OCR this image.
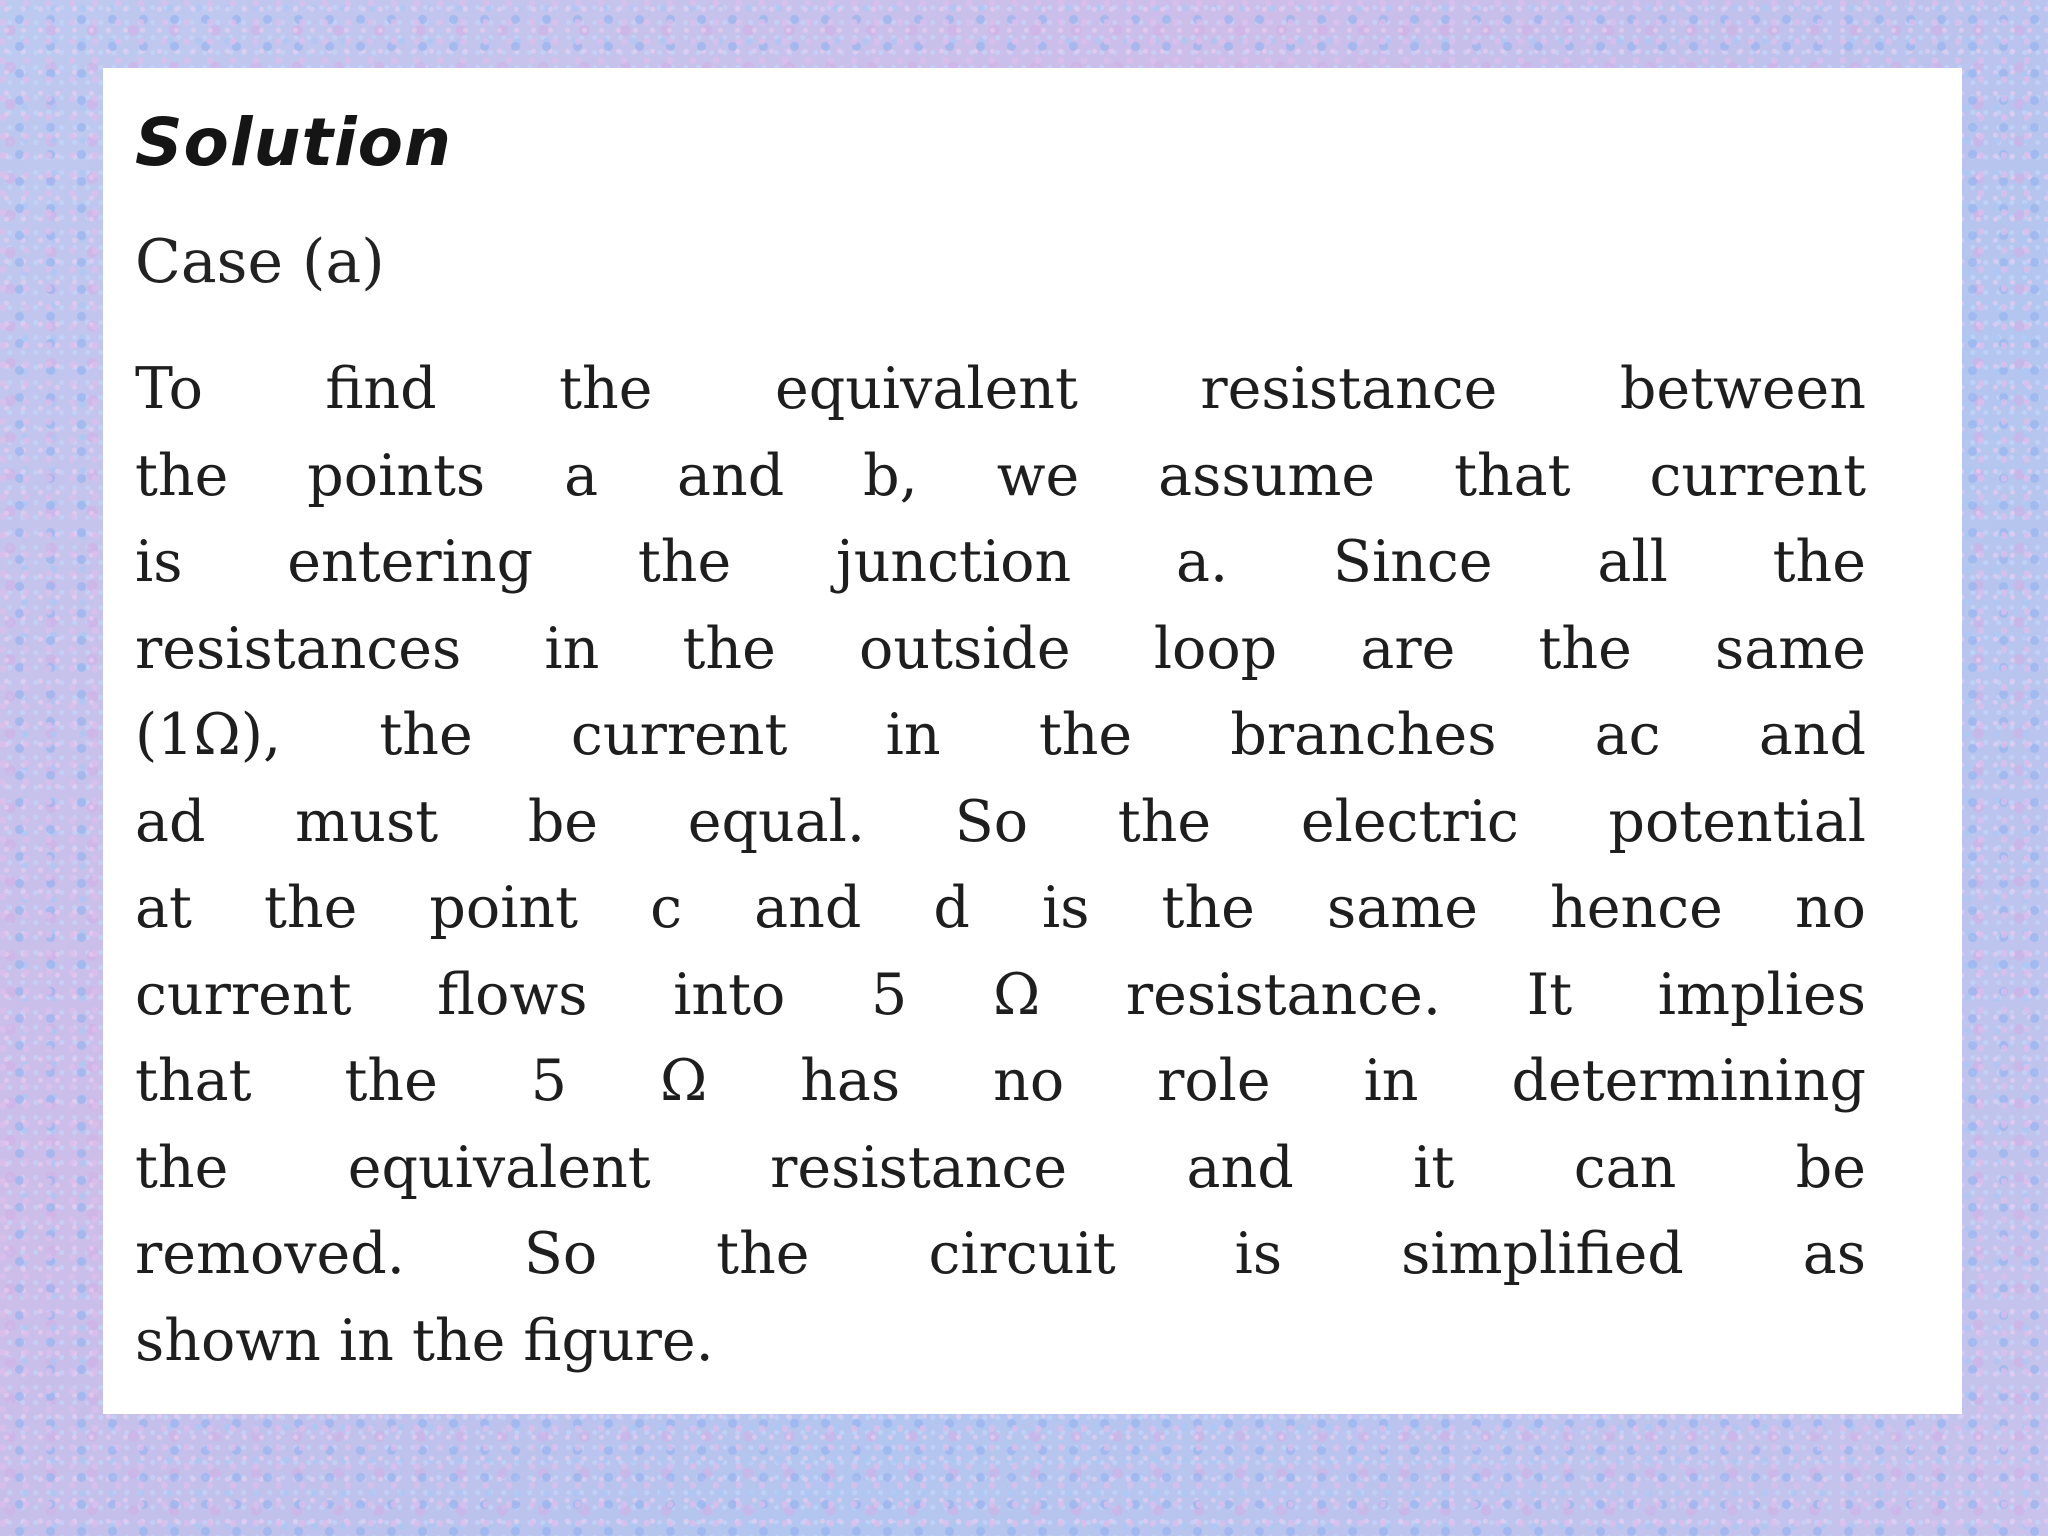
Solution
Case (a)
To find the equivalent resistance between
the points a and b, we assume that current
is entering the junction a. Since all the
resistances in the outside loop are the same
(1Ω), the current in the branches ac and
ad must be equal. So the electric potential
at the point c and d is the same hence no
current flows into 5 Ω resistance. It implies
that the 5 Ω has no role in determining
the equivalent resistance and it can be
removed. So the circuit is simplified as
shown in the figure.
